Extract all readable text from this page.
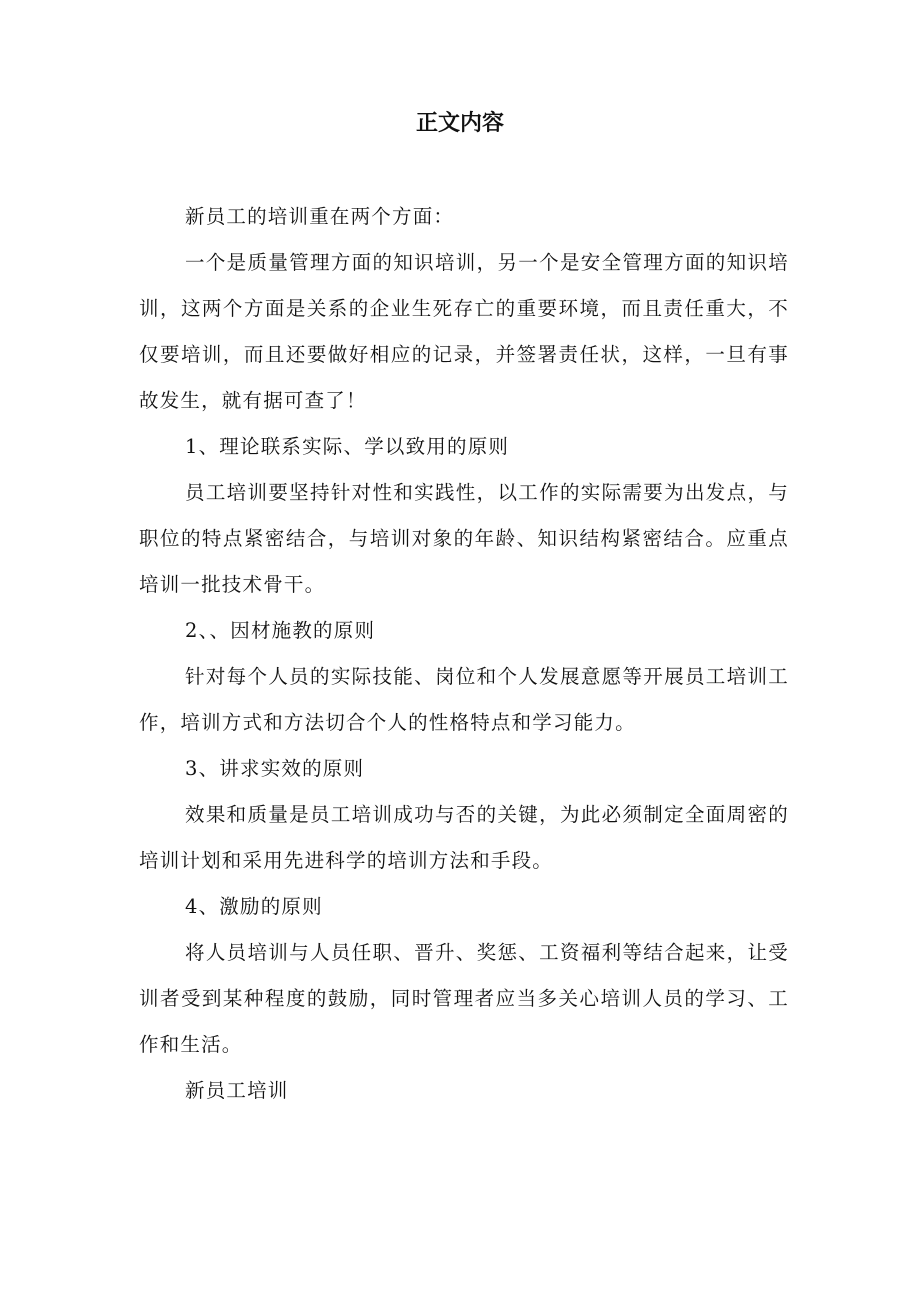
正文内容

新员工的培训重在两个方面：

一个是质量管理方面的知识培训，另一个是安全管理方面的知识培训，这两个方面是关系的企业生死存亡的重要环境，而且责任重大，不仅要培训，而且还要做好相应的记录，并签署责任状，这样，一旦有事故发生，就有据可查了！

1、理论联系实际、学以致用的原则

员工培训要坚持针对性和实践性，以工作的实际需要为出发点，与职位的特点紧密结合，与培训对象的年龄、知识结构紧密结合。应重点培训一批技术骨干。

2、、因材施教的原则

针对每个人员的实际技能、岗位和个人发展意愿等开展员工培训工作，培训方式和方法切合个人的性格特点和学习能力。

3、讲求实效的原则

效果和质量是员工培训成功与否的关键，为此必须制定全面周密的培训计划和采用先进科学的培训方法和手段。

4、激励的原则

将人员培训与人员任职、晋升、奖惩、工资福利等结合起来，让受训者受到某种程度的鼓励，同时管理者应当多关心培训人员的学习、工作和生活。

新员工培训
